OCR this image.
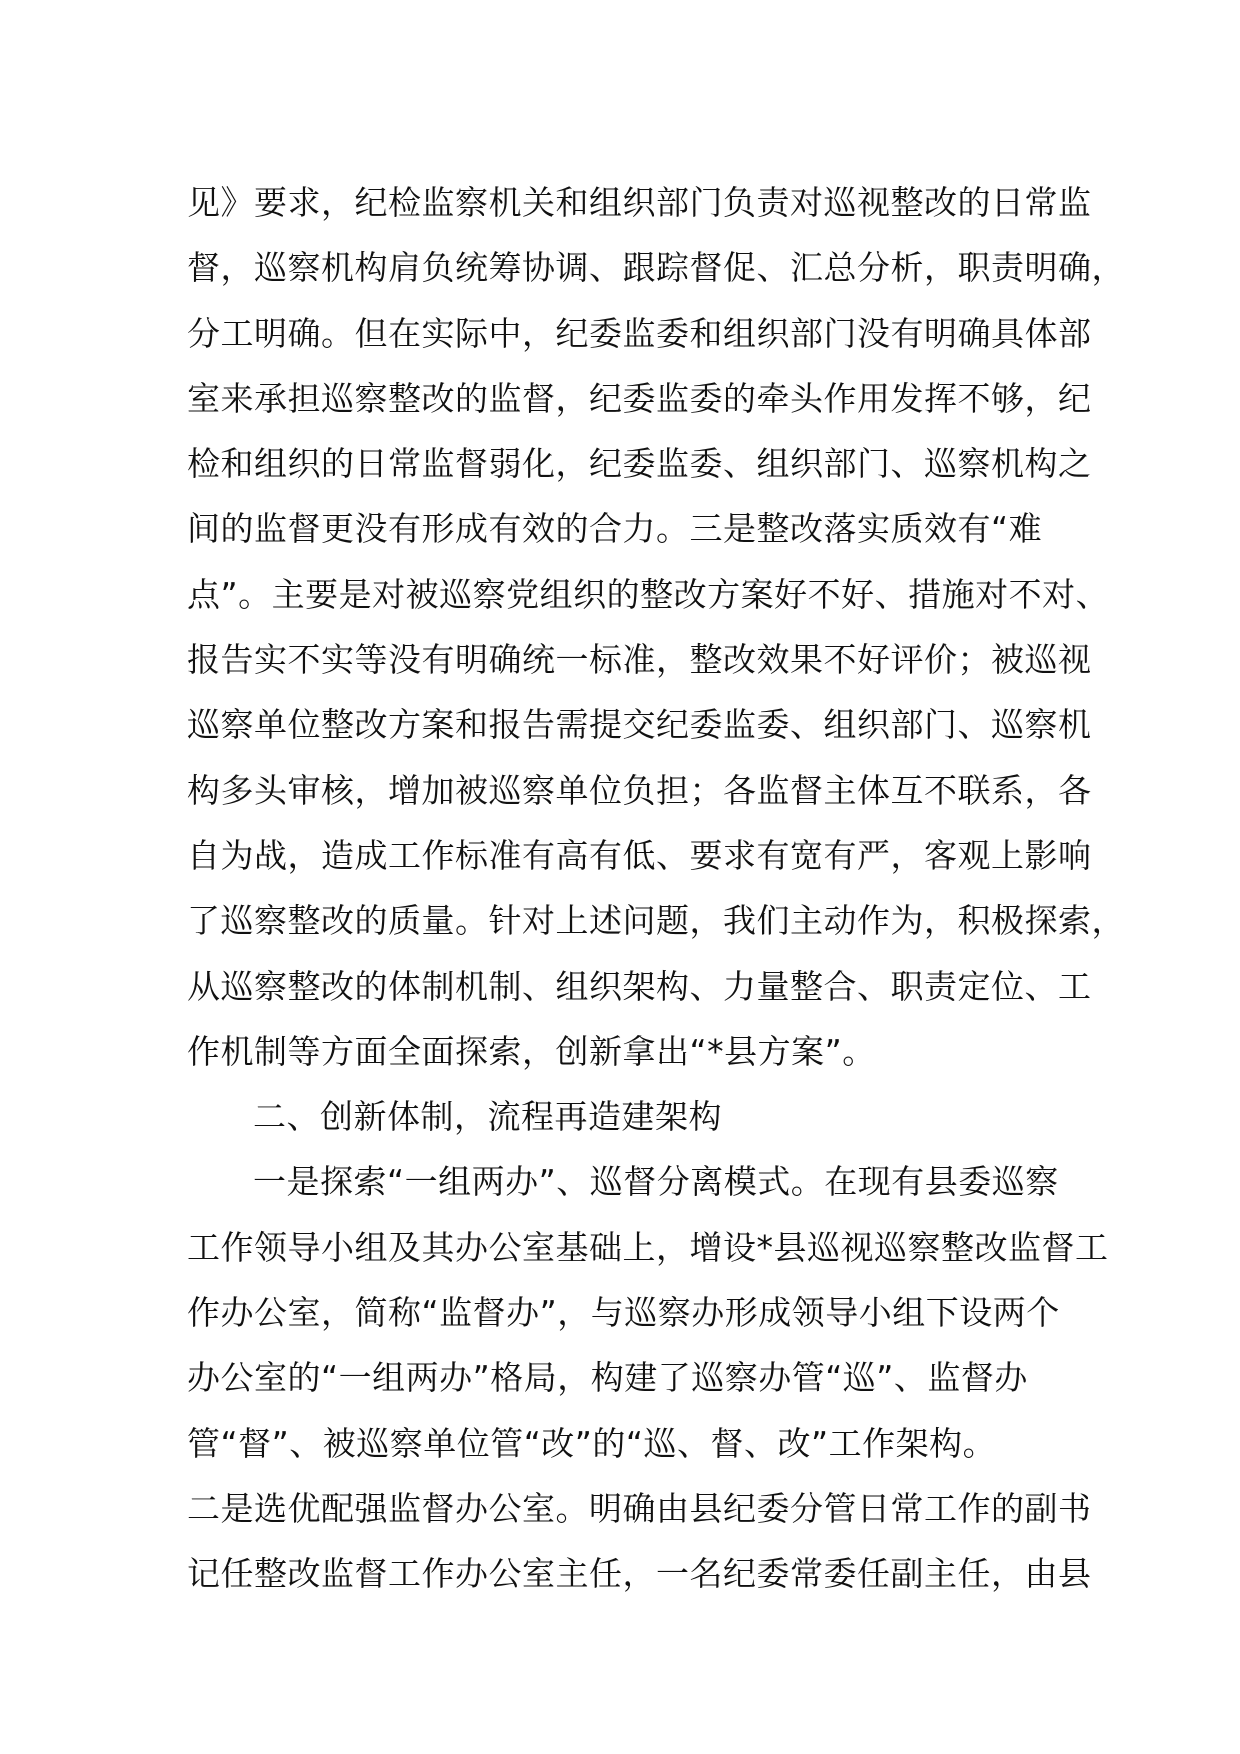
见》要求，纪检监察机关和组织部门负责对巡视整改的日常监
督，巡察机构肩负统筹协调、跟踪督促、汇总分析，职责明确，
分工明确。但在实际中，纪委监委和组织部门没有明确具体部
室来承担巡察整改的监督，纪委监委的牵头作用发挥不够，纪
检和组织的日常监督弱化，纪委监委、组织部门、巡察机构之
间的监督更没有形成有效的合力。三是整改落实质效有“难
点”。主要是对被巡察党组织的整改方案好不好、措施对不对、
报告实不实等没有明确统一标准，整改效果不好评价；被巡视
巡察单位整改方案和报告需提交纪委监委、组织部门、巡察机
构多头审核，增加被巡察单位负担；各监督主体互不联系，各
自为战，造成工作标准有高有低、要求有宽有严，客观上影响
了巡察整改的质量。针对上述问题，我们主动作为，积极探索，
从巡察整改的体制机制、组织架构、力量整合、职责定位、工
作机制等方面全面探索，创新拿出“*县方案”。
二、创新体制，流程再造建架构
一是探索“一组两办”、巡督分离模式。在现有县委巡察
工作领导小组及其办公室基础上，增设*县巡视巡察整改监督工
作办公室，简称“监督办”，与巡察办形成领导小组下设两个
办公室的“一组两办”格局，构建了巡察办管“巡”、监督办
管“督”、被巡察单位管“改”的“巡、督、改”工作架构。
二是选优配强监督办公室。明确由县纪委分管日常工作的副书
记任整改监督工作办公室主任，一名纪委常委任副主任，由县
